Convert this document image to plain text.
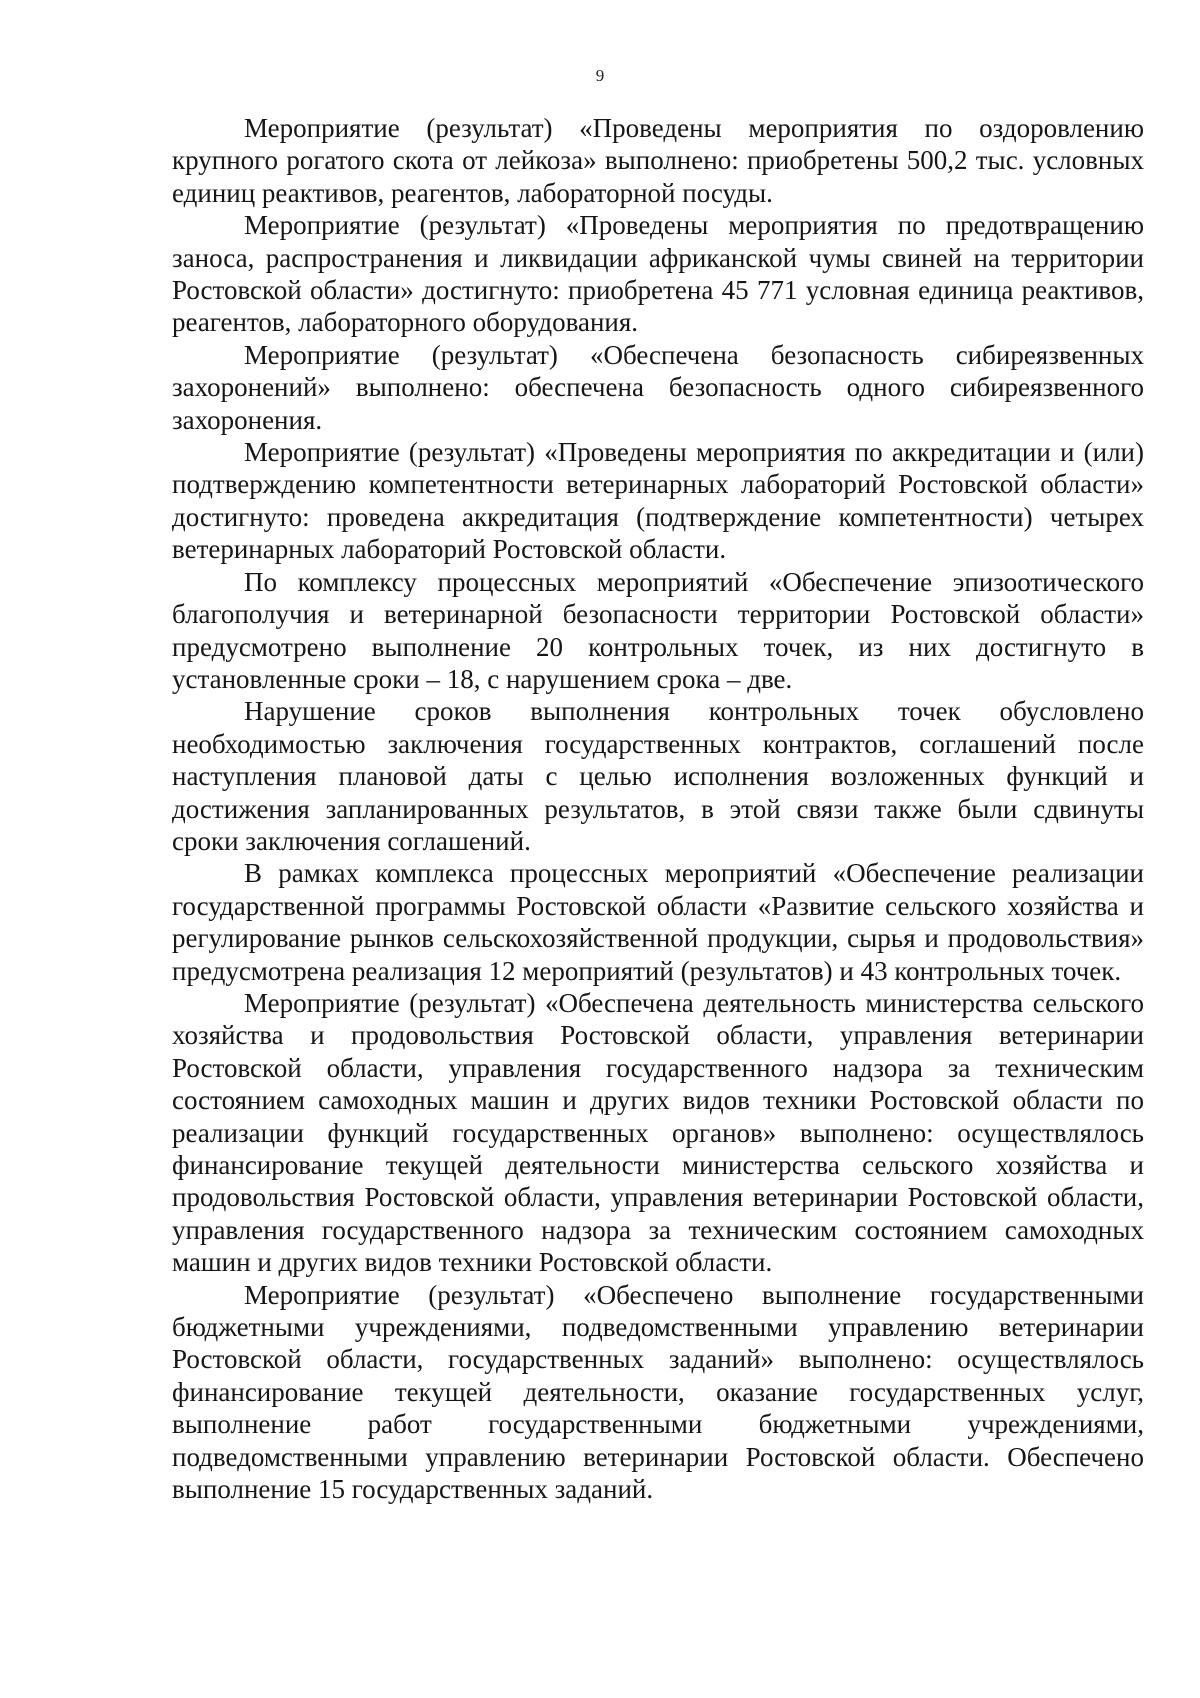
9

Мероприятие (результат) «Проведены мероприятия по оздоровлению крупного рогатого скота от лейкоза» выполнено: приобретены 500,2 тыс. условных единиц реактивов, реагентов, лабораторной посуды.

Мероприятие (результат) «Проведены мероприятия по предотвращению заноса, распространения и ликвидации африканской чумы свиней на территории Ростовской области» достигнуто: приобретена 45 771 условная единица реактивов, реагентов, лабораторного оборудования.

Мероприятие (результат) «Обеспечена безопасность сибиреязвенных захоронений» выполнено: обеспечена безопасность одного сибиреязвенного захоронения.

Мероприятие (результат) «Проведены мероприятия по аккредитации и (или) подтверждению компетентности ветеринарных лабораторий Ростовской области» достигнуто: проведена аккредитация (подтверждение компетентности) четырех ветеринарных лабораторий Ростовской области.

По комплексу процессных мероприятий «Обеспечение эпизоотического благополучия и ветеринарной безопасности территории Ростовской области» предусмотрено выполнение 20 контрольных точек, из них достигнуто в установленные сроки – 18, с нарушением срока – две.

Нарушение сроков выполнения контрольных точек обусловлено необходимостью заключения государственных контрактов, соглашений после наступления плановой даты с целью исполнения возложенных функций и достижения запланированных результатов, в этой связи также были сдвинуты сроки заключения соглашений.

В рамках комплекса процессных мероприятий «Обеспечение реализации государственной программы Ростовской области «Развитие сельского хозяйства и регулирование рынков сельскохозяйственной продукции, сырья и продовольствия» предусмотрена реализация 12 мероприятий (результатов) и 43 контрольных точек.

Мероприятие (результат) «Обеспечена деятельность министерства сельского хозяйства и продовольствия Ростовской области, управления ветеринарии Ростовской области, управления государственного надзора за техническим состоянием самоходных машин и других видов техники Ростовской области по реализации функций государственных органов» выполнено: осуществлялось финансирование текущей деятельности министерства сельского хозяйства и продовольствия Ростовской области, управления ветеринарии Ростовской области, управления государственного надзора за техническим состоянием самоходных машин и других видов техники Ростовской области.

Мероприятие (результат) «Обеспечено выполнение государственными бюджетными учреждениями, подведомственными управлению ветеринарии Ростовской области, государственных заданий» выполнено: осуществлялось финансирование текущей деятельности, оказание государственных услуг, выполнение работ государственными бюджетными учреждениями, подведомственными управлению ветеринарии Ростовской области. Обеспечено выполнение 15 государственных заданий.
